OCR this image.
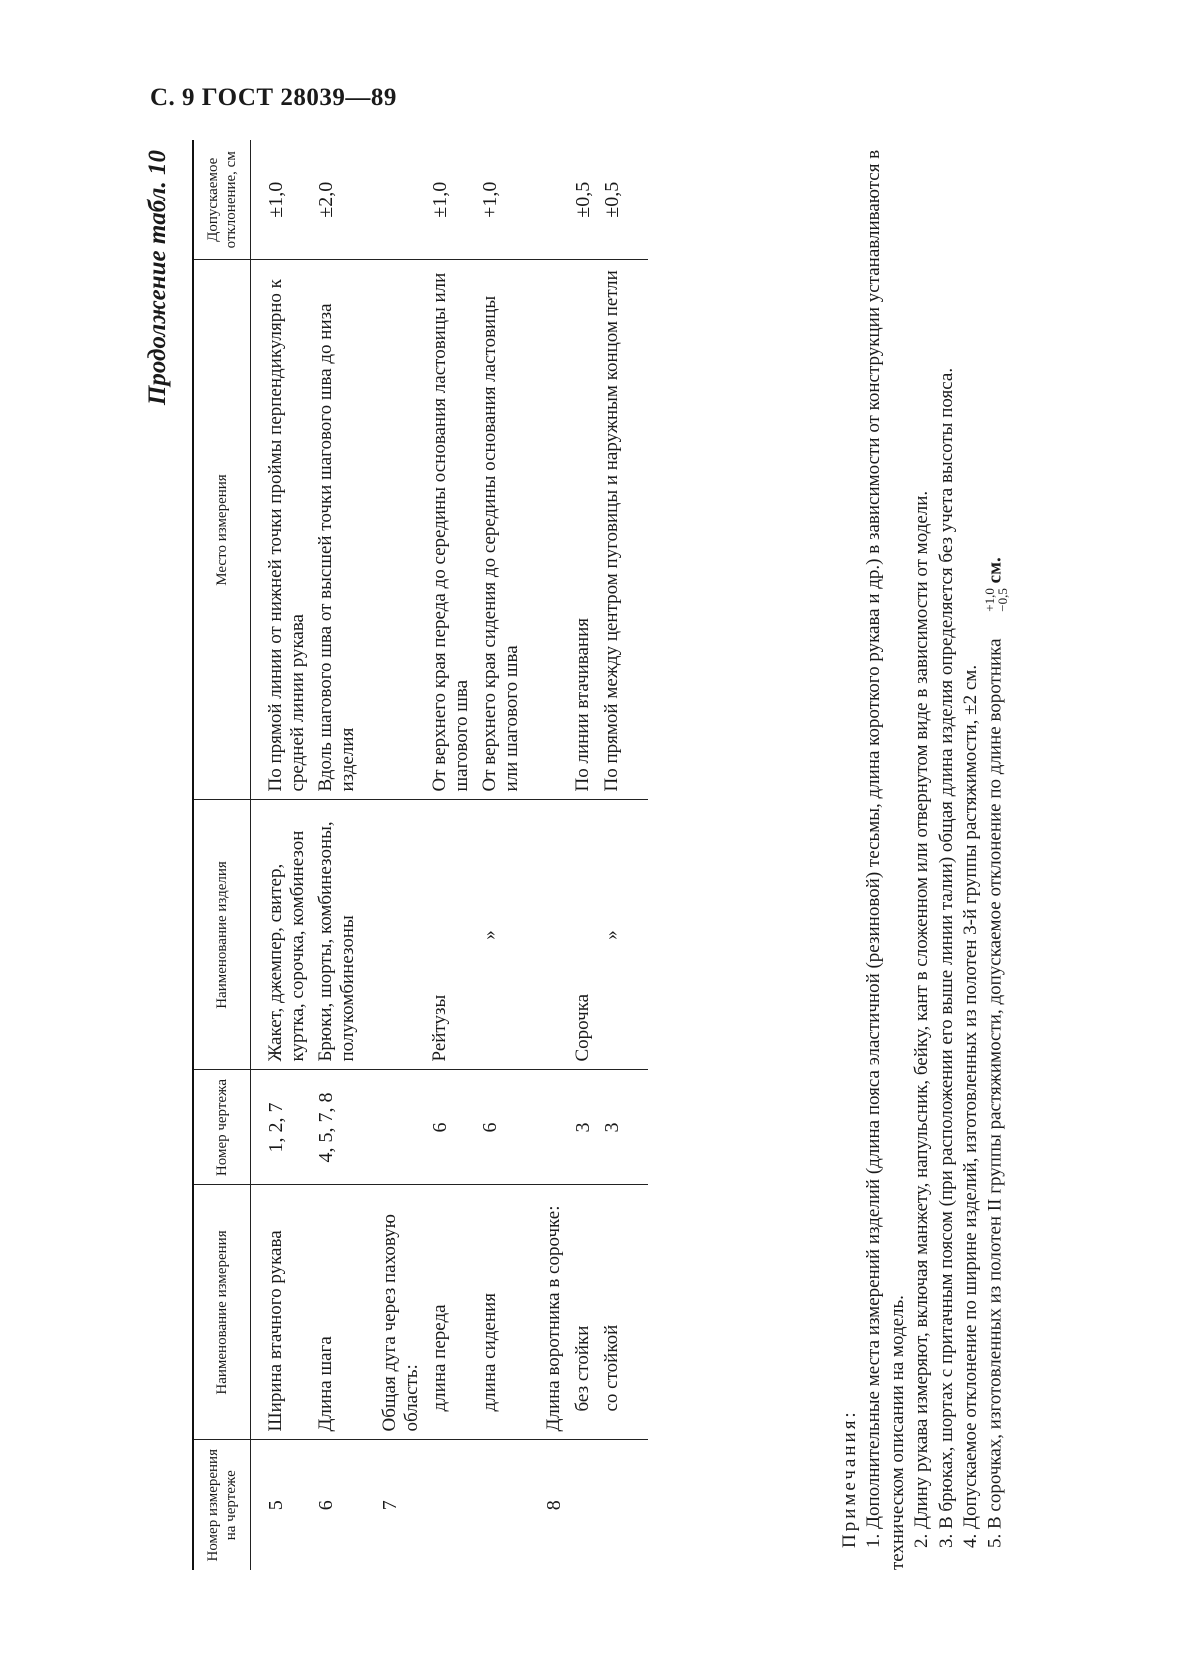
С. 9 ГОСТ 28039—89
Продолжение табл. 10
Номер измерения на чертеже	Наименование измерения	Номер чертежа	Наименование изделия	Место измерения	Допускаемое отклонение, см
5	Ширина втачного рукава	1, 2, 7	Жакет, джемпер, свитер, куртка, сорочка, комбинезон	По прямой линии от нижней точки проймы перпендикулярно к средней линии рукава	±1,0
6	Длина шага	4, 5, 7, 8	Брюки, шорты, комбинезоны, полукомбинезоны	Вдоль шагового шва от высшей точки шагового шва до низа изделия	±2,0
7	Общая дуга через паховую область:				

	длина переда	6	Рейтузы	От верхнего края переда до середины основания ластовицы или шагового шва	±1,0

	длина сидения	6	»	От верхнего края сидения до середины основания ластовицы или шагового шва	+1,0
8	Длина воротника в сорочке:				

	без стойки	3	Сорочка	По линии втачивания	±0,5

	со стойкой	3	»	По прямой между центром пуговицы и наружным концом петли	±0,5

Примечания: 1. Дополнительные места измерений изделий (длина пояса эластичной (резиновой) тесьмы, длина короткого рукава и др.) в зависимости от конструкции устанавливаются в техническом описании на модель. 2. Длину рукава измеряют, включая манжету, напульсник, бейку, кант в сложенном или отвернутом виде в зависимости от модели. 3. В брюках, шортах с притачным поясом (при расположении его выше линии талии) общая длина изделия определяется без учета высоты пояса. 4. Допускаемое отклонение по ширине изделий, изготовленных из полотен 3-й группы растяжимости, ±2 см. 5. В сорочках, изготовленных из полотен II группы растяжимости, допускаемое отклонение по длине воротника
+1,0
−0,5
см.
